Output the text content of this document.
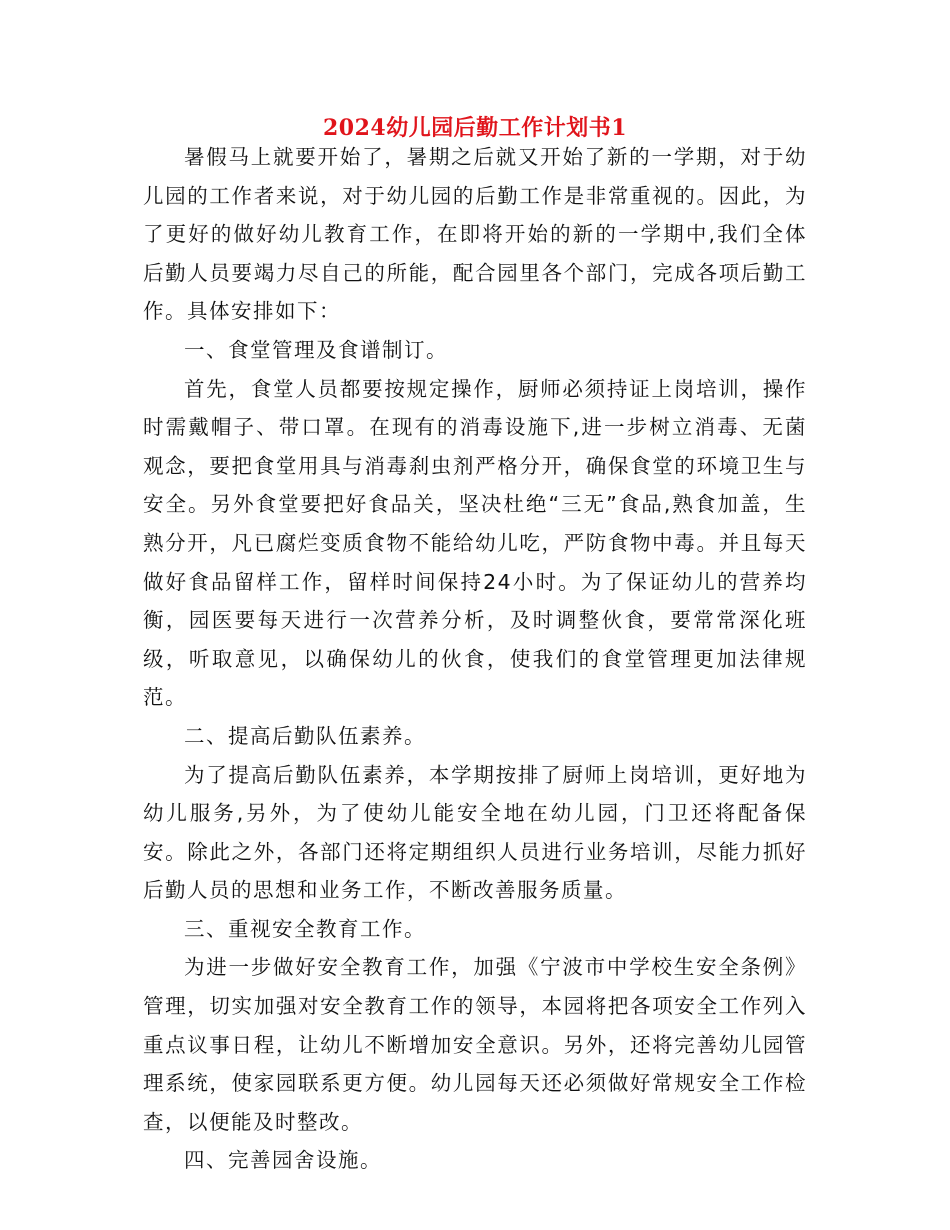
2024幼儿园后勤工作计划书1

暑假马上就要开始了，暑期之后就又开始了新的一学期，对于幼儿园的工作者来说，对于幼儿园的后勤工作是非常重视的。因此，为了更好的做好幼儿教育工作，在即将开始的新的一学期中,我们全体后勤人员要竭力尽自己的所能，配合园里各个部门，完成各项后勤工作。具体安排如下：

一、食堂管理及食谱制订。

首先，食堂人员都要按规定操作，厨师必须持证上岗培训，操作时需戴帽子、带口罩。在现有的消毒设施下,进一步树立消毒、无菌观念，要把食堂用具与消毒刹虫剂严格分开，确保食堂的环境卫生与安全。另外食堂要把好食品关，坚决杜绝“三无”食品,熟食加盖，生熟分开，凡已腐烂变质食物不能给幼儿吃，严防食物中毒。并且每天做好食品留样工作，留样时间保持24小时。为了保证幼儿的营养均衡，园医要每天进行一次营养分析，及时调整伙食，要常常深化班级，听取意见，以确保幼儿的伙食，使我们的食堂管理更加法律规范。

二、提高后勤队伍素养。

为了提高后勤队伍素养，本学期按排了厨师上岗培训，更好地为幼儿服务,另外，为了使幼儿能安全地在幼儿园，门卫还将配备保安。除此之外，各部门还将定期组织人员进行业务培训，尽能力抓好后勤人员的思想和业务工作，不断改善服务质量。

三、重视安全教育工作。

为进一步做好安全教育工作，加强《宁波市中学校生安全条例》管理，切实加强对安全教育工作的领导，本园将把各项安全工作列入重点议事日程，让幼儿不断增加安全意识。另外，还将完善幼儿园管理系统，使家园联系更方便。幼儿园每天还必须做好常规安全工作检查，以便能及时整改。

四、完善园舍设施。
